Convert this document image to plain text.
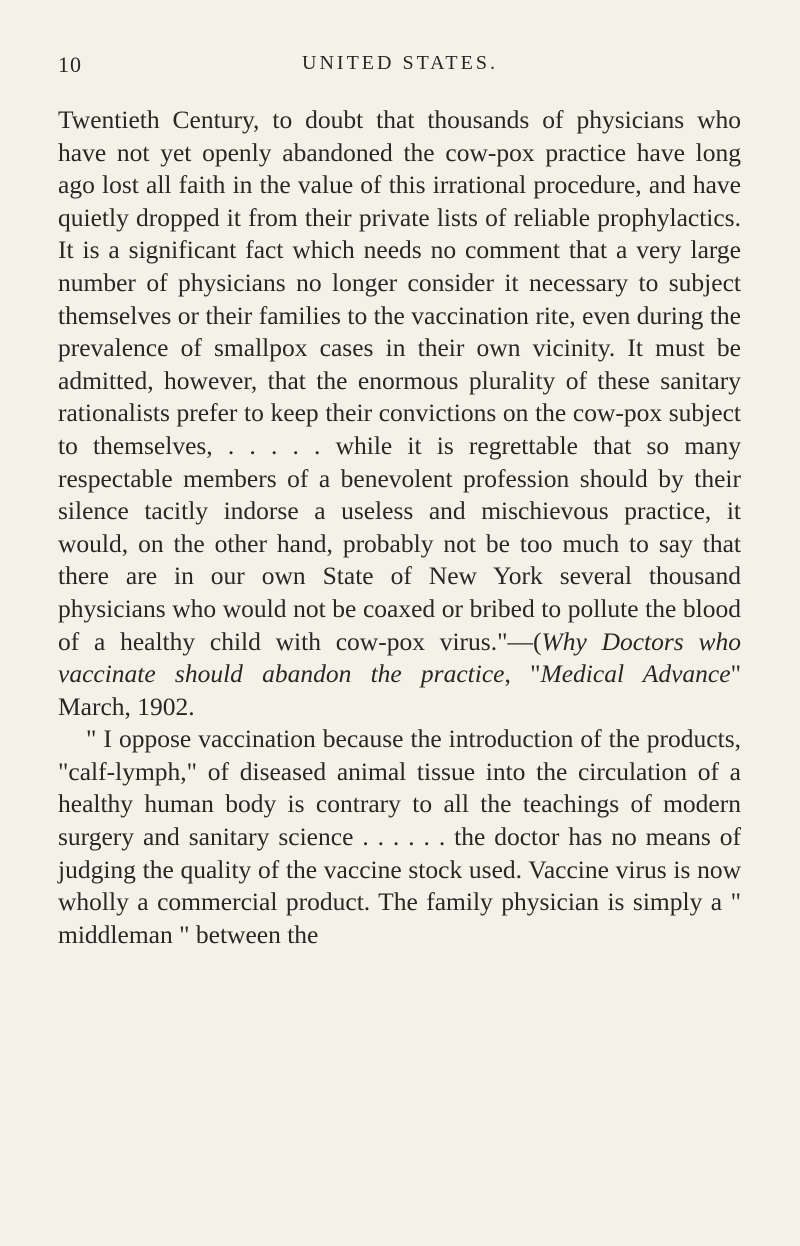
10	UNITED STATES.

Twentieth Century, to doubt that thousands of physicians who have not yet openly abandoned the cow-pox practice have long ago lost all faith in the value of this irrational procedure, and have quietly dropped it from their private lists of reliable prophylactics. It is a significant fact which needs no comment that a very large number of physicians no longer consider it necessary to subject themselves or their families to the vaccination rite, even during the prevalence of smallpox cases in their own vicinity. It must be admitted, however, that the enormous plurality of these sanitary rationalists prefer to keep their convictions on the cow-pox subject to themselves, . . . . . while it is regrettable that so many respectable members of a benevolent profession should by their silence tacitly indorse a useless and mischievous practice, it would, on the other hand, probably not be too much to say that there are in our own State of New York several thousand physicians who would not be coaxed or bribed to pollute the blood of a healthy child with cow-pox virus."—(Why Doctors who vaccinate should abandon the practice, "Medical Advance" March, 1902.

" I oppose vaccination because the introduction of the products, "calf-lymph," of diseased animal tissue into the circulation of a healthy human body is contrary to all the teachings of modern surgery and sanitary science . . . . . . the doctor has no means of judging the quality of the vaccine stock used. Vaccine virus is now wholly a commercial product. The family physician is simply a " middleman " between the
